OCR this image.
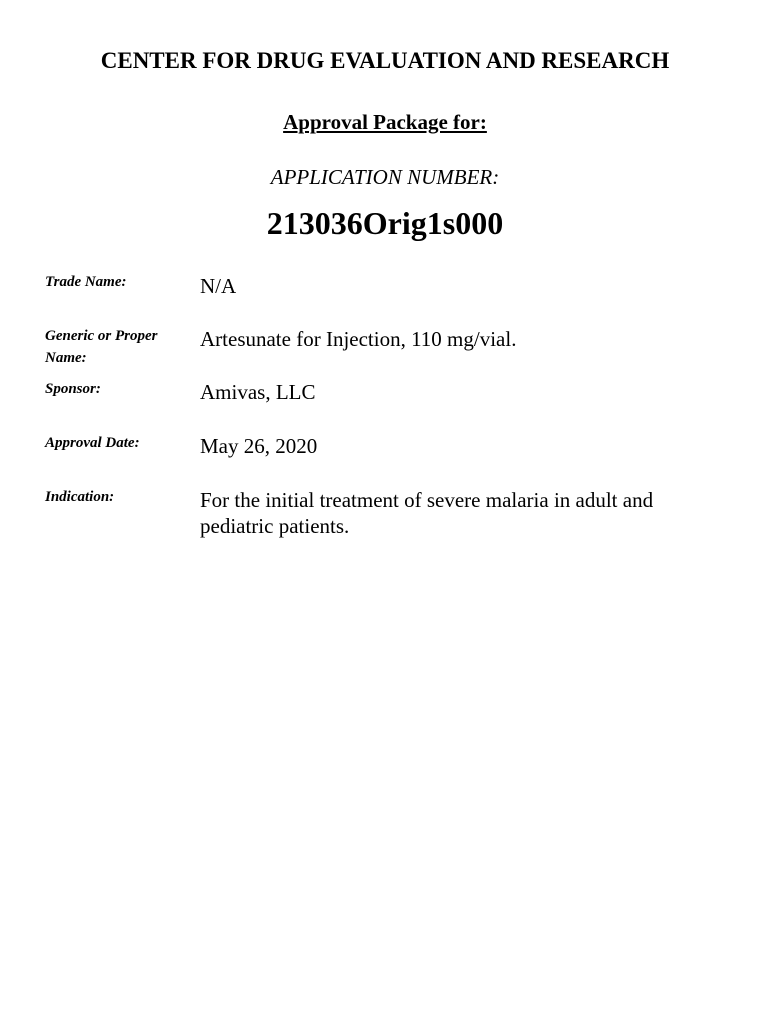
CENTER FOR DRUG EVALUATION AND RESEARCH
Approval Package for:
APPLICATION NUMBER:
213036Orig1s000
Trade Name:	N/A
Generic or Proper Name:
Artesunate for Injection, 110 mg/vial.
Sponsor:	Amivas, LLC
Approval Date:	May 26, 2020
Indication:	For the initial treatment of severe malaria in adult and pediatric patients.
